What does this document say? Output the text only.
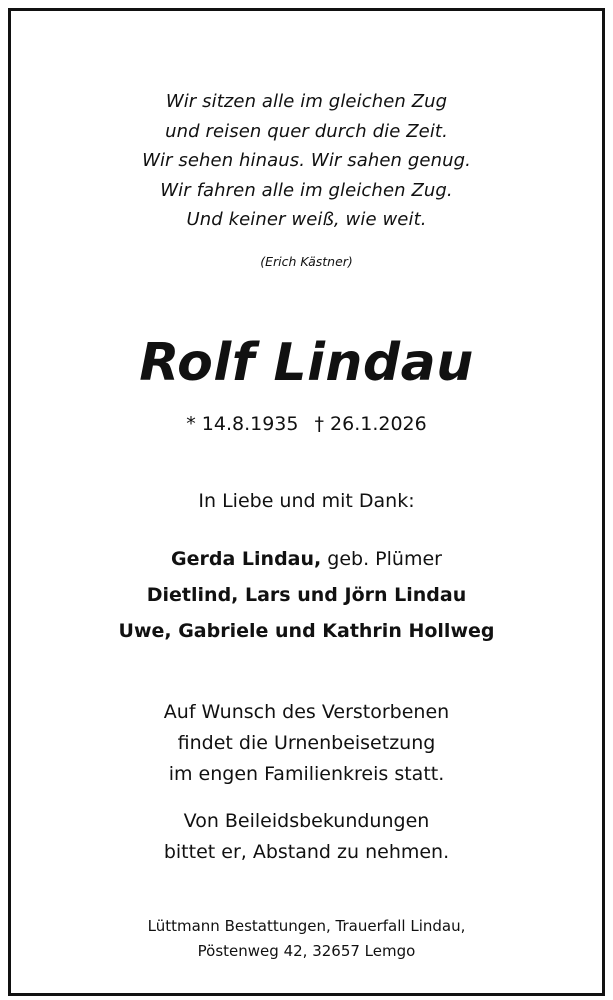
Wir sitzen alle im gleichen Zug
und reisen quer durch die Zeit.
Wir sehen hinaus. Wir sahen genug.
Wir fahren alle im gleichen Zug.
Und keiner weiß, wie weit.
(Erich Kästner)
Rolf Lindau
* 14.8.1935 † 26.1.2026
In Liebe und mit Dank:
Gerda Lindau, geb. Plümer
Dietlind, Lars und Jörn Lindau
Uwe, Gabriele und Kathrin Hollweg
Auf Wunsch des Verstorbenen
findet die Urnenbeisetzung
im engen Familienkreis statt.
Von Beileidsbekundungen
bittet er, Abstand zu nehmen.
Lüttmann Bestattungen, Trauerfall Lindau,
Pöstenweg 42, 32657 Lemgo
